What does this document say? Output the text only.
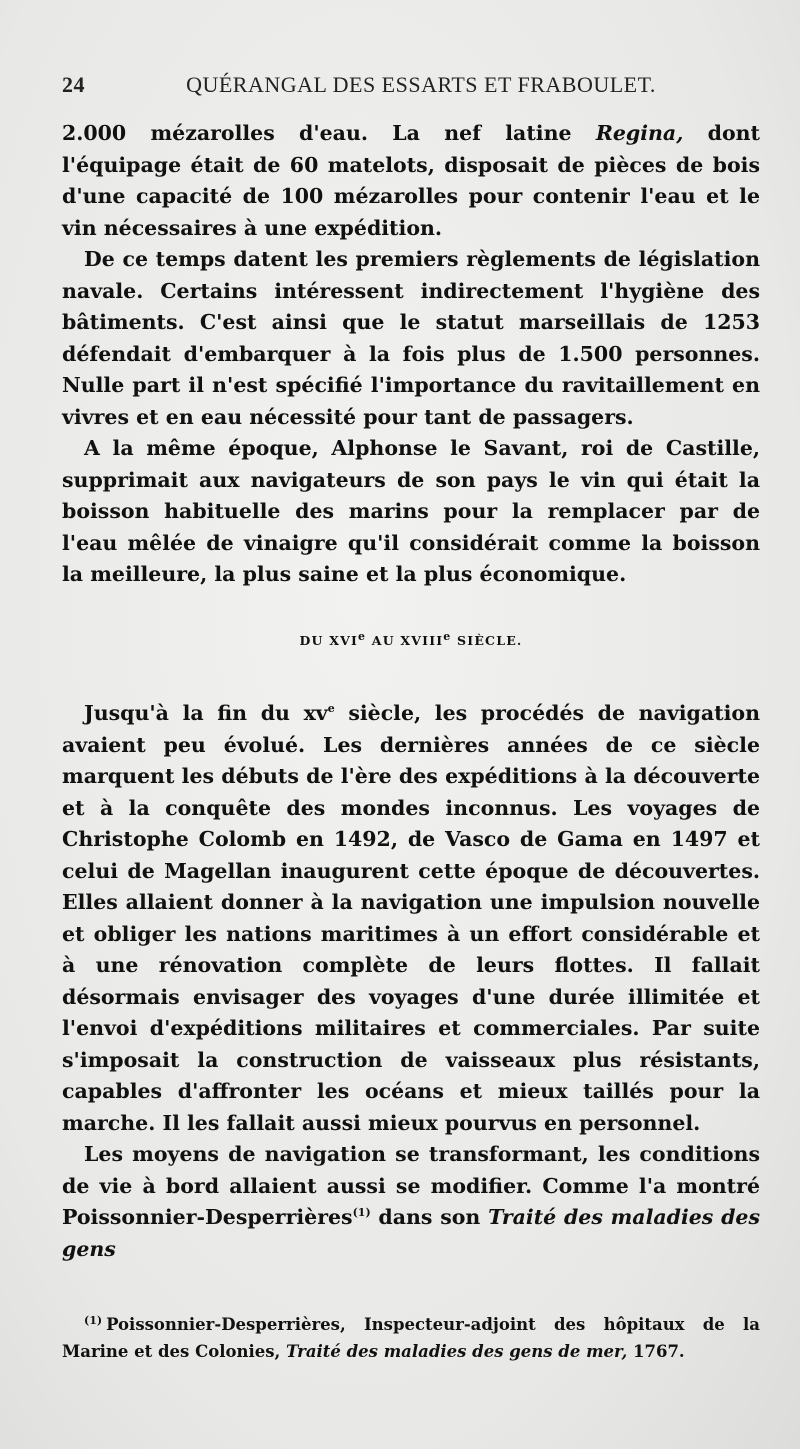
24	QUÉRANGAL DES ESSARTS ET FRABOULET.

2.000 mézarolles d'eau. La nef latine Regina, dont l'équipage était de 60 matelots, disposait de pièces de bois d'une capacité de 100 mézarolles pour contenir l'eau et le vin nécessaires à une expédition.

De ce temps datent les premiers règlements de législation navale. Certains intéressent indirectement l'hygiène des bâtiments. C'est ainsi que le statut marseillais de 1253 défendait d'embarquer à la fois plus de 1.500 personnes. Nulle part il n'est spécifié l'importance du ravitaillement en vivres et en eau nécessité pour tant de passagers.

A la même époque, Alphonse le Savant, roi de Castille, supprimait aux navigateurs de son pays le vin qui était la boisson habituelle des marins pour la remplacer par de l'eau mêlée de vinaigre qu'il considérait comme la boisson la meilleure, la plus saine et la plus économique.

DU XVIe AU XVIIIe SIÈCLE.

Jusqu'à la fin du $xv^e$ siècle, les procédés de navigation avaient peu évolué. Les dernières années de ce siècle marquent les débuts de l'ère des expéditions à la découverte et à la conquête des mondes inconnus. Les voyages de Christophe Colomb en 1492, de Vasco de Gama en 1497 et celui de Magellan inaugurent cette époque de découvertes. Elles allaient donner à la navigation une impulsion nouvelle et obliger les nations maritimes à un effort considérable et à une rénovation complète de leurs flottes. Il fallait désormais envisager des voyages d'une durée illimitée et l'envoi d'expéditions militaires et commerciales. Par suite s'imposait la construction de vaisseaux plus résistants, capables d'affronter les océans et mieux taillés pour la marche. Il les fallait aussi mieux pourvus en personnel.

Les moyens de navigation se transformant, les conditions de vie à bord allaient aussi se modifier. Comme l'a montré Poissonnier-Desperrières$^{(1)}$ dans son Traité des maladies des gens

$^{(1)}$ Poissonnier-Desperrières, Inspecteur-adjoint des hôpitaux de la Marine et des Colonies, Traité des maladies des gens de mer, 1767.
